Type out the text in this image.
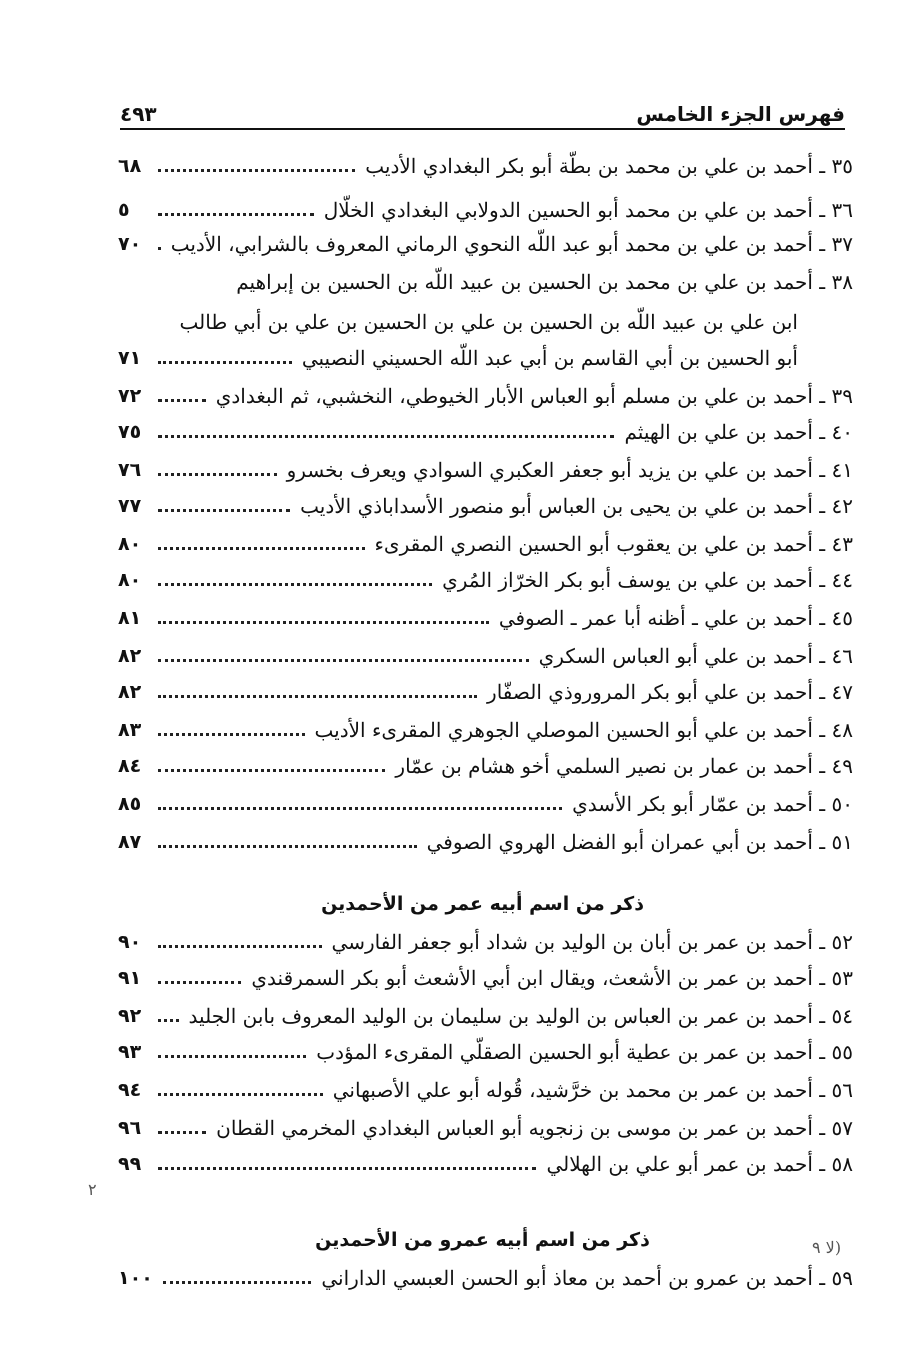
فهرس الجزء الخامس
٤٩٣
٣٥ ـ أحمد بن علي بن محمد بن بطّة أبو بكر البغدادي الأديب
٦٨
٣٦ ـ أحمد بن علي بن محمد أبو الحسين الدولابي البغدادي الخلّال
٥
٣٧ ـ أحمد بن علي بن محمد أبو عبد اللّه النحوي الرماني المعروف بالشرابي، الأديب
٧٠
٣٨ ـ أحمد بن علي بن محمد بن الحسين بن عبيد اللّه بن الحسين بن إبراهيم
ابن علي بن عبيد اللّه بن الحسين بن علي بن الحسين بن علي بن أبي طالب
أبو الحسين بن أبي القاسم بن أبي عبد اللّه الحسيني النصيبي
٧١
٣٩ ـ أحمد بن علي بن مسلم أبو العباس الأبار الخيوطي، النخشبي، ثم البغدادي
٧٢
٤٠ ـ أحمد بن علي بن الهيثم
٧٥
٤١ ـ أحمد بن علي بن يزيد أبو جعفر العكبري السوادي ويعرف بخسرو
٧٦
٤٢ ـ أحمد بن علي بن يحيى بن العباس أبو منصور الأسداباذي الأديب
٧٧
٤٣ ـ أحمد بن علي بن يعقوب أبو الحسين النصري المقرىء
٨٠
٤٤ ـ أحمد بن علي بن يوسف أبو بكر الخرّاز المُري
٨٠
٤٥ ـ أحمد بن علي ـ أظنه أبا عمر ـ الصوفي
٨١
٤٦ ـ أحمد بن علي أبو العباس السكري
٨٢
٤٧ ـ أحمد بن علي أبو بكر المروروذي الصفّار
٨٢
٤٨ ـ أحمد بن علي أبو الحسين الموصلي الجوهري المقرىء الأديب
٨٣
٤٩ ـ أحمد بن عمار بن نصير السلمي أخو هشام بن عمّار
٨٤
٥٠ ـ أحمد بن عمّار أبو بكر الأسدي
٨٥
٥١ ـ أحمد بن أبي عمران أبو الفضل الهروي الصوفي
٨٧
ذكر من اسم أبيه عمر من الأحمدين
٥٢ ـ أحمد بن عمر بن أبان بن الوليد بن شداد أبو جعفر الفارسي
٩٠
٥٣ ـ أحمد بن عمر بن الأشعث، ويقال ابن أبي الأشعث أبو بكر السمرقندي
٩١
٥٤ ـ أحمد بن عمر بن العباس بن الوليد بن سليمان بن الوليد المعروف بابن الجليد
٩٢
٥٥ ـ أحمد بن عمر بن عطية أبو الحسين الصقلّي المقرىء المؤدب
٩٣
٥٦ ـ أحمد بن عمر بن محمد بن خرَّشيد، قُوله أبو علي الأصبهاني
٩٤
٥٧ ـ أحمد بن عمر بن موسى بن زنجويه أبو العباس البغدادي المخرمي القطان
٩٦
٥٨ ـ أحمد بن عمر أبو علي بن الهلالي
٩٩
ذكر من اسم أبيه عمرو من الأحمدين
٥٩ ـ أحمد بن عمرو بن أحمد بن معاذ أبو الحسن العبسي الداراني
١٠٠
٢
ﻻ ٩)
